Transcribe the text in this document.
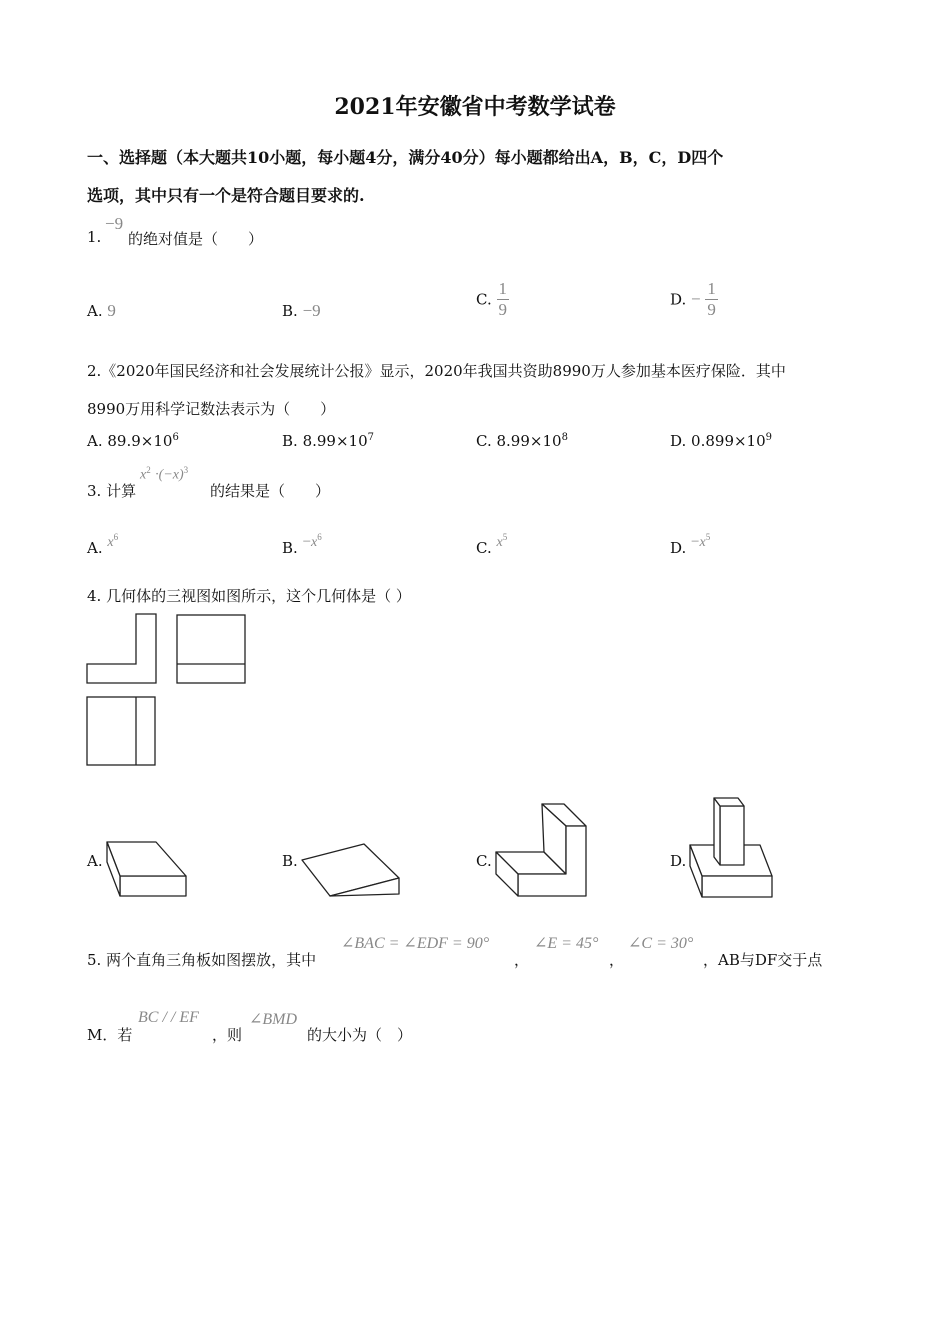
2021年安徽省中考数学试卷
一、选择题（本大题共10小题，每小题4分，满分40分）每小题都给出A，B，C，D四个
选项，其中只有一个是符合题目要求的.
1.
−9
的绝对值是（　　）
A. 9	B. −9
C. $\frac{1}{9}$	D. − $\frac{1}{9}$
2.《2020年国民经济和社会发展统计公报》显示，2020年我国共资助8990万人参加基本医疗保险．其中
8990万用科学记数法表示为（　　）
A. $89.9\times 10^6$	B. $8.99\times 10^7$	C. $8.99\times 10^8$	D. $0.899\times 10^9$
3. 计算
$x^2 \cdot(-x)^3$
的结果是（　　）
A. $x^6$
B. $-x^6$
C. $x^5$
D. $-x^5$
4. 几何体的三视图如图所示，这个几何体是（ ）
A.	B.	C.	D.
5. 两个直角三角板如图摆放，其中
∠BAC = ∠EDF = 90°
，
∠E = 45°
，
∠C = 30°
，AB与DF交于点
M．若
BC / / EF
，则
∠BMD
的大小为（　）
